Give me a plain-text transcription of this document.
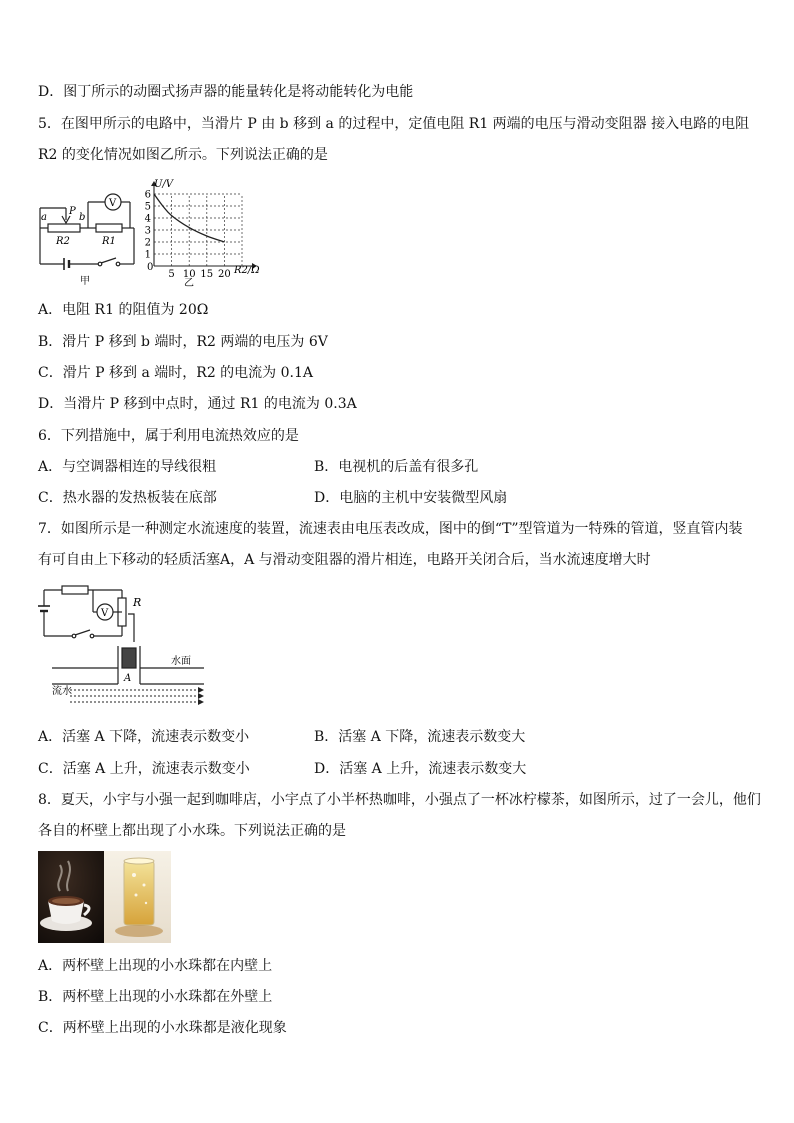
D．图丁所示的动圈式扬声器的能量转化是将动能转化为电能
5．在图甲所示的电路中，当滑片 P 由 b 移到 a 的过程中，定值电阻 R1 两端的电压与滑动变阻器 接入电路的电阻
R2 的变化情况如图乙所示。下列说法正确的是
a
P
b
R2	R1
V
甲
5 10 15 20
1
2
3
4
5
6
U/V
R2/Ω
乙
0
A．电阻 R1 的阻值为 20Ω
B．滑片 P 移到 b 端时，R2 两端的电压为 6V
C．滑片 P 移到 a 端时，R2 的电流为 0.1A
D．当滑片 P 移到中点时，通过 R1 的电流为 0.3A
6．下列措施中，属于利用电流热效应的是
A．与空调器相连的导线很粗	B．电视机的后盖有很多孔
C．热水器的发热板装在底部	D．电脑的主机中安装微型风扇
7．如图所示是一种测定水流速度的装置，流速表由电压表改成，图中的倒“T”型管道为一特殊的管道，竖直管内装
有可自由上下移动的轻质活塞A，A 与滑动变阻器的滑片相连，电路开关闭合后，当水流速度增大时
V
R
A
水面
流水
A．活塞 A 下降，流速表示数变小	B．活塞 A 下降，流速表示数变大
C．活塞 A 上升，流速表示数变小	D．活塞 A 上升，流速表示数变大
8．夏天，小宇与小强一起到咖啡店，小宇点了小半杯热咖啡，小强点了一杯冰柠檬茶，如图所示，过了一会儿，他们
各自的杯壁上都出现了小水珠。下列说法正确的是
A．两杯壁上出现的小水珠都在内壁上
B．两杯壁上出现的小水珠都在外壁上
C．两杯壁上出现的小水珠都是液化现象
